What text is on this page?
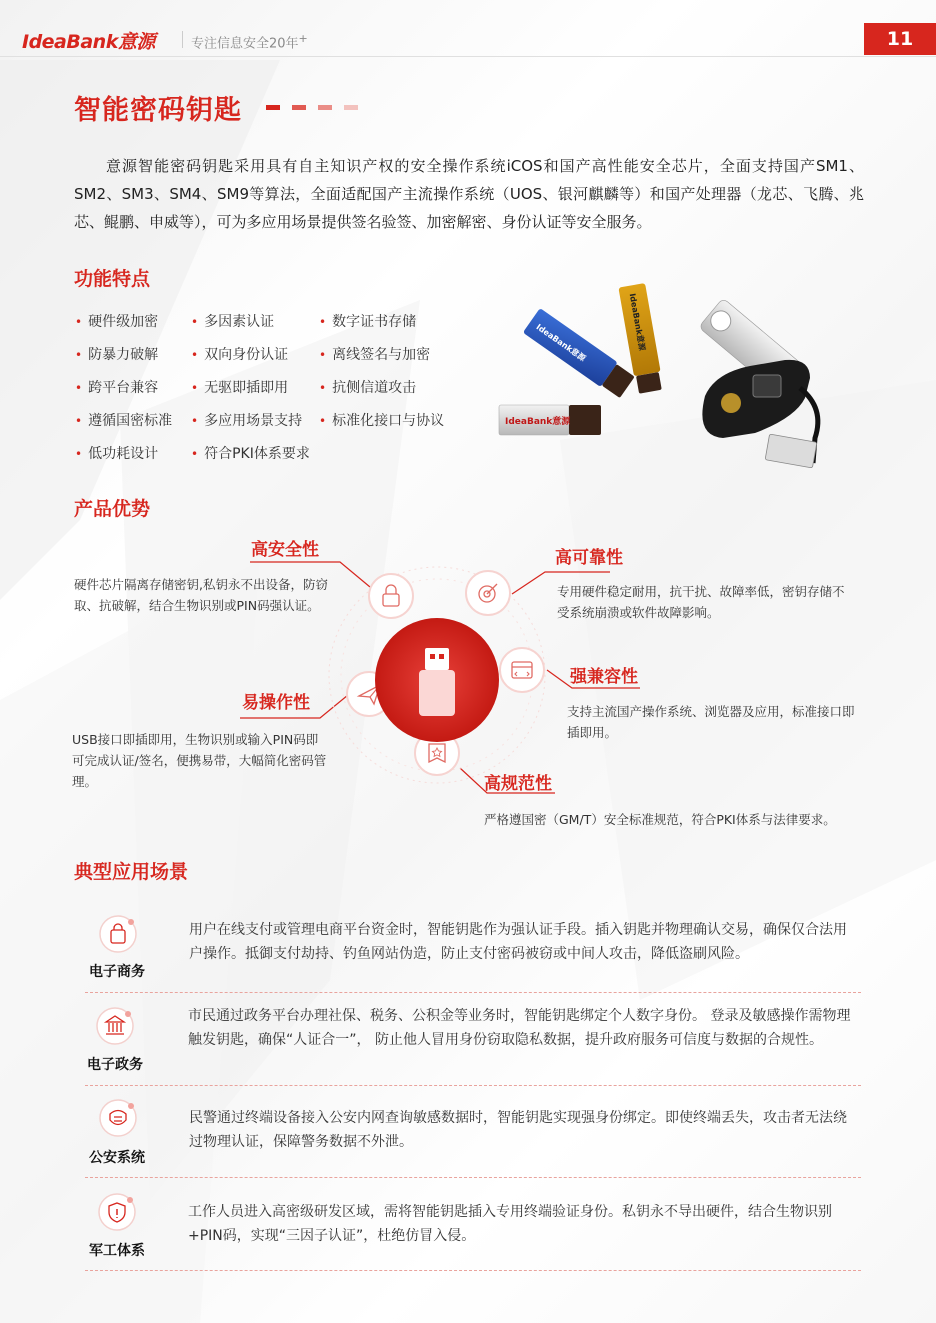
IdeaBank意源	专注信息安全20年+	11
智能密码钥匙

意源智能密码钥匙采用具有自主知识产权的安全操作系统iCOS和国产高性能安全芯片，全面支持国产SM1、SM2、SM3、SM4、SM9等算法，全面适配国产主流操作系统（UOS、银河麒麟等）和国产处理器（龙芯、飞腾、兆芯、鲲鹏、申威等），可为多应用场景提供签名验签、加密解密、身份认证等安全服务。

功能特点
• 硬件级加密	• 多因素认证	• 数字证书存储
• 防暴力破解	• 双向身份认证	• 离线签名与加密
• 跨平台兼容	• 无驱即插即用	• 抗侧信道攻击
• 遵循国密标准 • 多应用场景支持 • 标准化接口与协议
• 低功耗设计	• 符合PKI体系要求
IdeaBank意源	IdeaBank意源
IdeaBank意源
产品优势
高安全性
硬件芯片隔离存储密钥,私钥永不出设备，防窃取、抗破解，结合生物识别或PIN码强认证。
高可靠性
专用硬件稳定耐用，抗干扰、故障率低，密钥存储不受系统崩溃或软件故障影响。
强兼容性
支持主流国产操作系统、浏览器及应用，标准接口即插即用。
易操作性
USB接口即插即用，生物识别或输入PIN码即可完成认证/签名，便携易带，大幅简化密码管理。	高规范性
严格遵国密（GM/T）安全标准规范，符合PKI体系与法律要求。
典型应用场景
电子商务
用户在线支付或管理电商平台资金时，智能钥匙作为强认证手段。插入钥匙并物理确认交易，确保仅合法用户操作。抵御支付劫持、钓鱼网站伪造，防止支付密码被窃或中间人攻击，降低盗刷风险。
电子政务
市民通过政务平台办理社保、税务、公积金等业务时，智能钥匙绑定个人数字身份。 登录及敏感操作需物理触发钥匙，确保“人证合一”， 防止他人冒用身份窃取隐私数据，提升政府服务可信度与数据的合规性。
公安系统
民警通过终端设备接入公安内网查询敏感数据时，智能钥匙实现强身份绑定。即使终端丢失，攻击者无法绕过物理认证，保障警务数据不外泄。
军工体系
工作人员进入高密级研发区域，需将智能钥匙插入专用终端验证身份。私钥永不导出硬件，结合生物识别+PIN码，实现“三因子认证”，杜绝仿冒入侵。
